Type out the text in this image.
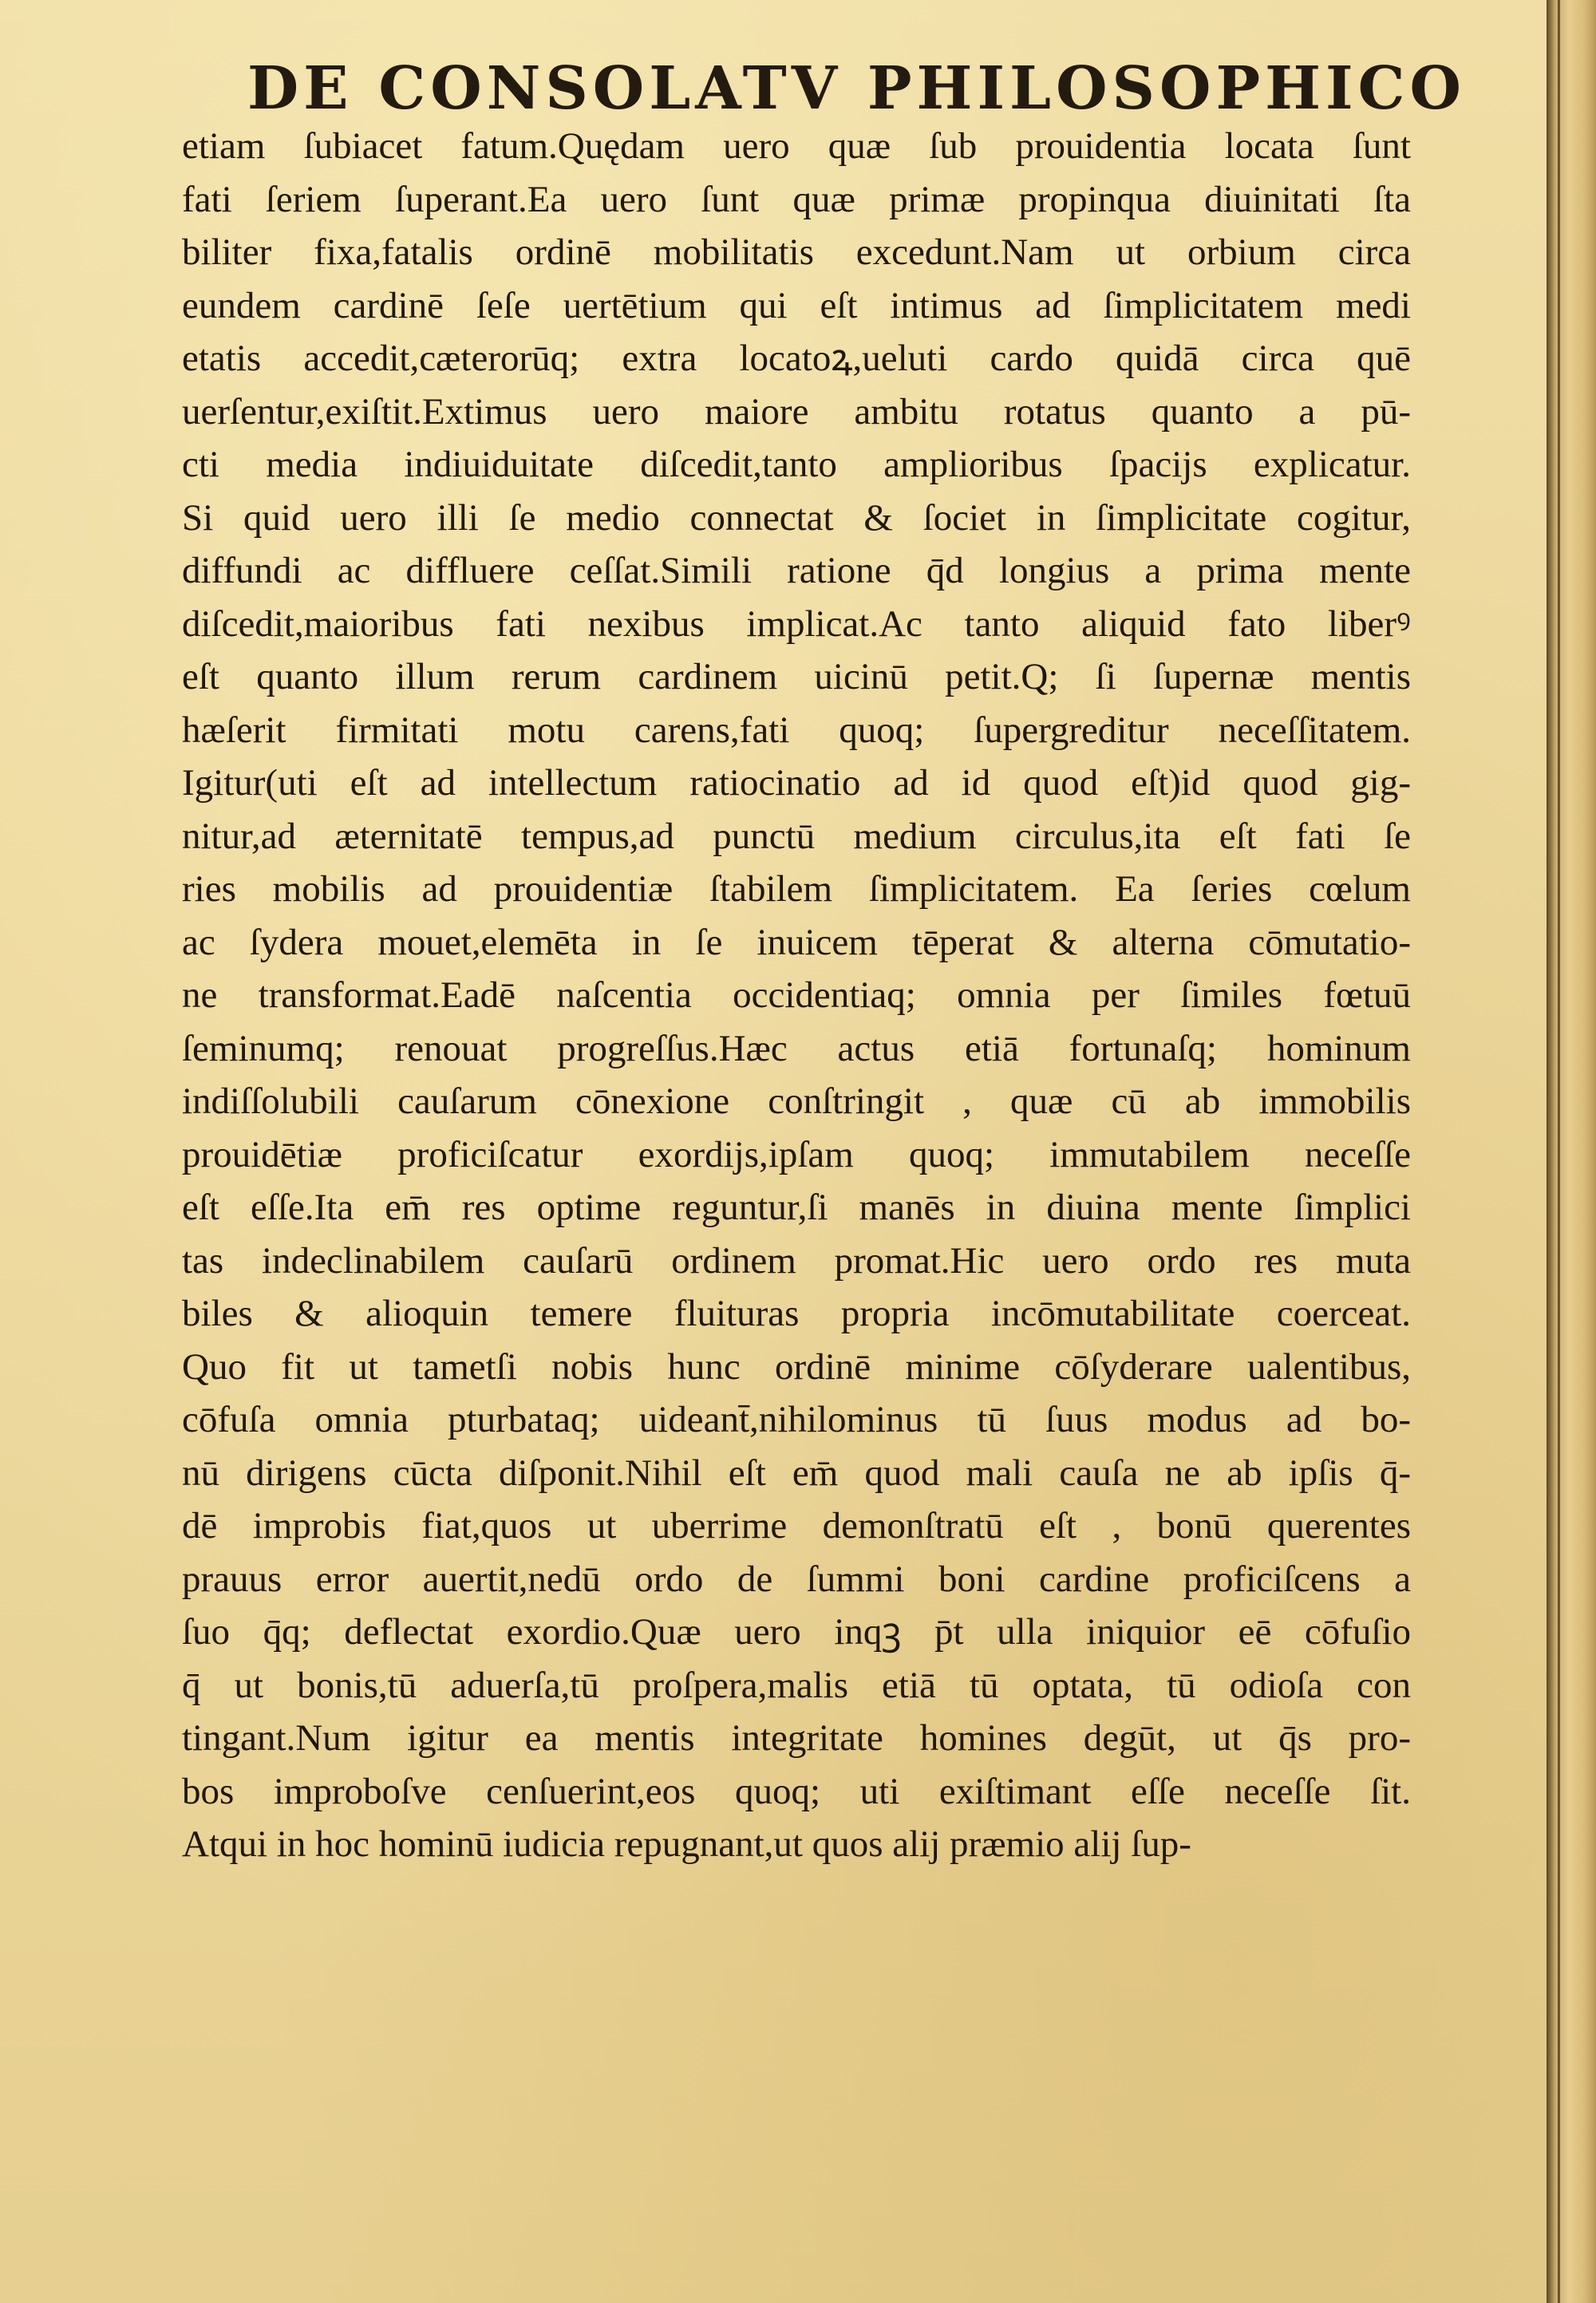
DE CONSOLATV PHILOSOPHICO
etiam ſubiacet fatum.Quędam uero quæ ſub prouidentia locata ſunt
fati ſeriem ſuperant.Ea uero ſunt quæ primæ propinqua diuinitati ſta
biliter fixa,fatalis ordinē mobilitatis excedunt.Nam ut orbium circa
eundem cardinē ſeſe uertētium qui eſt intimus ad ſimplicitatem medi
etatis accedit,cæterorūq; extra locatoꝝ,ueluti cardo quidā circa quē
uerſentur,exiſtit.Extimus uero maiore ambitu rotatus quanto a pū-
cti media indiuiduitate diſcedit,tanto amplioribus ſpacijs explicatur.
Si quid uero illi ſe medio connectat & ſociet in ſimplicitate cogitur,
diffundi ac diffluere ceſſat.Simili ratione q̄d longius a prima mente
diſcedit,maioribus fati nexibus implicat.Ac tanto aliquid fato liberꝰ
eſt quanto illum rerum cardinem uicinū petit.Q; ſi ſupernæ mentis
hæſerit firmitati motu carens,fati quoq; ſupergreditur neceſſitatem.
Igitur(uti eſt ad intellectum ratiocinatio ad id quod eſt)id quod gig-
nitur,ad æternitatē tempus,ad punctū medium circulus,ita eſt fati ſe
ries mobilis ad prouidentiæ ſtabilem ſimplicitatem. Ea ſeries cœlum
ac ſydera mouet,elemēta in ſe inuicem tēperat & alterna cōmutatio-
ne transformat.Eadē naſcentia occidentiaq; omnia per ſimiles fœtuū
ſeminumq; renouat progreſſus.Hæc actus etiā fortunaſq; hominum
indiſſolubili cauſarum cōnexione conſtringit , quæ cū ab immobilis
prouidētiæ proficiſcatur exordijs,ipſam quoq; immutabilem neceſſe
eſt eſſe.Ita em̄ res optime reguntur,ſi manēs in diuina mente ſimplici
tas indeclinabilem cauſarū ordinem promat.Hic uero ordo res muta
biles & alioquin temere fluituras propria incōmutabilitate coerceat.
Quo fit ut tametſi nobis hunc ordinē minime cōſyderare ualentibus,
cōfuſa omnia pturbataq; uideant̄,nihilominus tū ſuus modus ad bo-
nū dirigens cūcta diſponit.Nihil eſt em̄ quod mali cauſa ne ab ipſis q̄-
dē improbis fiat,quos ut uberrime demonſtratū eſt , bonū querentes
prauus error auertit,nedū ordo de ſummi boni cardine proficiſcens a
ſuo q̄q; deflectat exordio.Quæ uero inqꝫ p̄t ulla iniquior eē cōfuſio
q̄ ut bonis,tū aduerſa,tū proſpera,malis etiā tū optata, tū odioſa con
tingant.Num igitur ea mentis integritate homines degūt, ut q̄s pro-
bos improboſve cenſuerint,eos quoq; uti exiſtimant eſſe neceſſe ſit.
Atqui in hoc hominū iudicia repugnant,ut quos alij præmio alij ſup-
